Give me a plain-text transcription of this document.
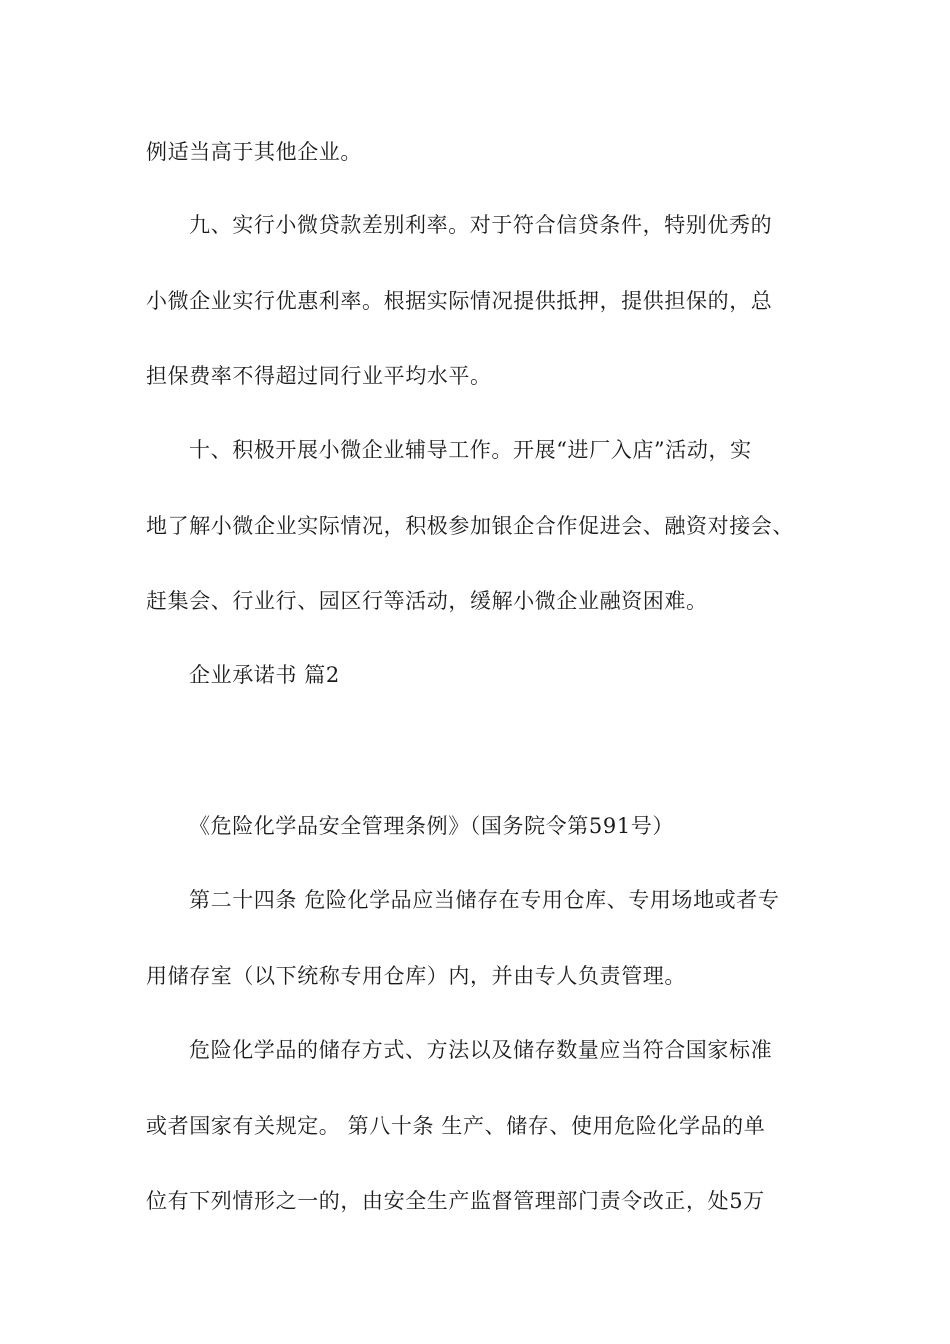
例适当高于其他企业。
九、实行小微贷款差别利率。对于符合信贷条件，特别优秀的
小微企业实行优惠利率。根据实际情况提供抵押，提供担保的，总
担保费率不得超过同行业平均水平。
十、积极开展小微企业辅导工作。开展“进厂入店”活动，实
地了解小微企业实际情况，积极参加银企合作促进会、融资对接会、
赶集会、行业行、园区行等活动，缓解小微企业融资困难。
企业承诺书 篇2
《危险化学品安全管理条例》（国务院令第591号）
第二十四条 危险化学品应当储存在专用仓库、专用场地或者专
用储存室（以下统称专用仓库）内，并由专人负责管理。
危险化学品的储存方式、方法以及储存数量应当符合国家标准
或者国家有关规定。 第八十条 生产、储存、使用危险化学品的单
位有下列情形之一的，由安全生产监督管理部门责令改正，处5万
